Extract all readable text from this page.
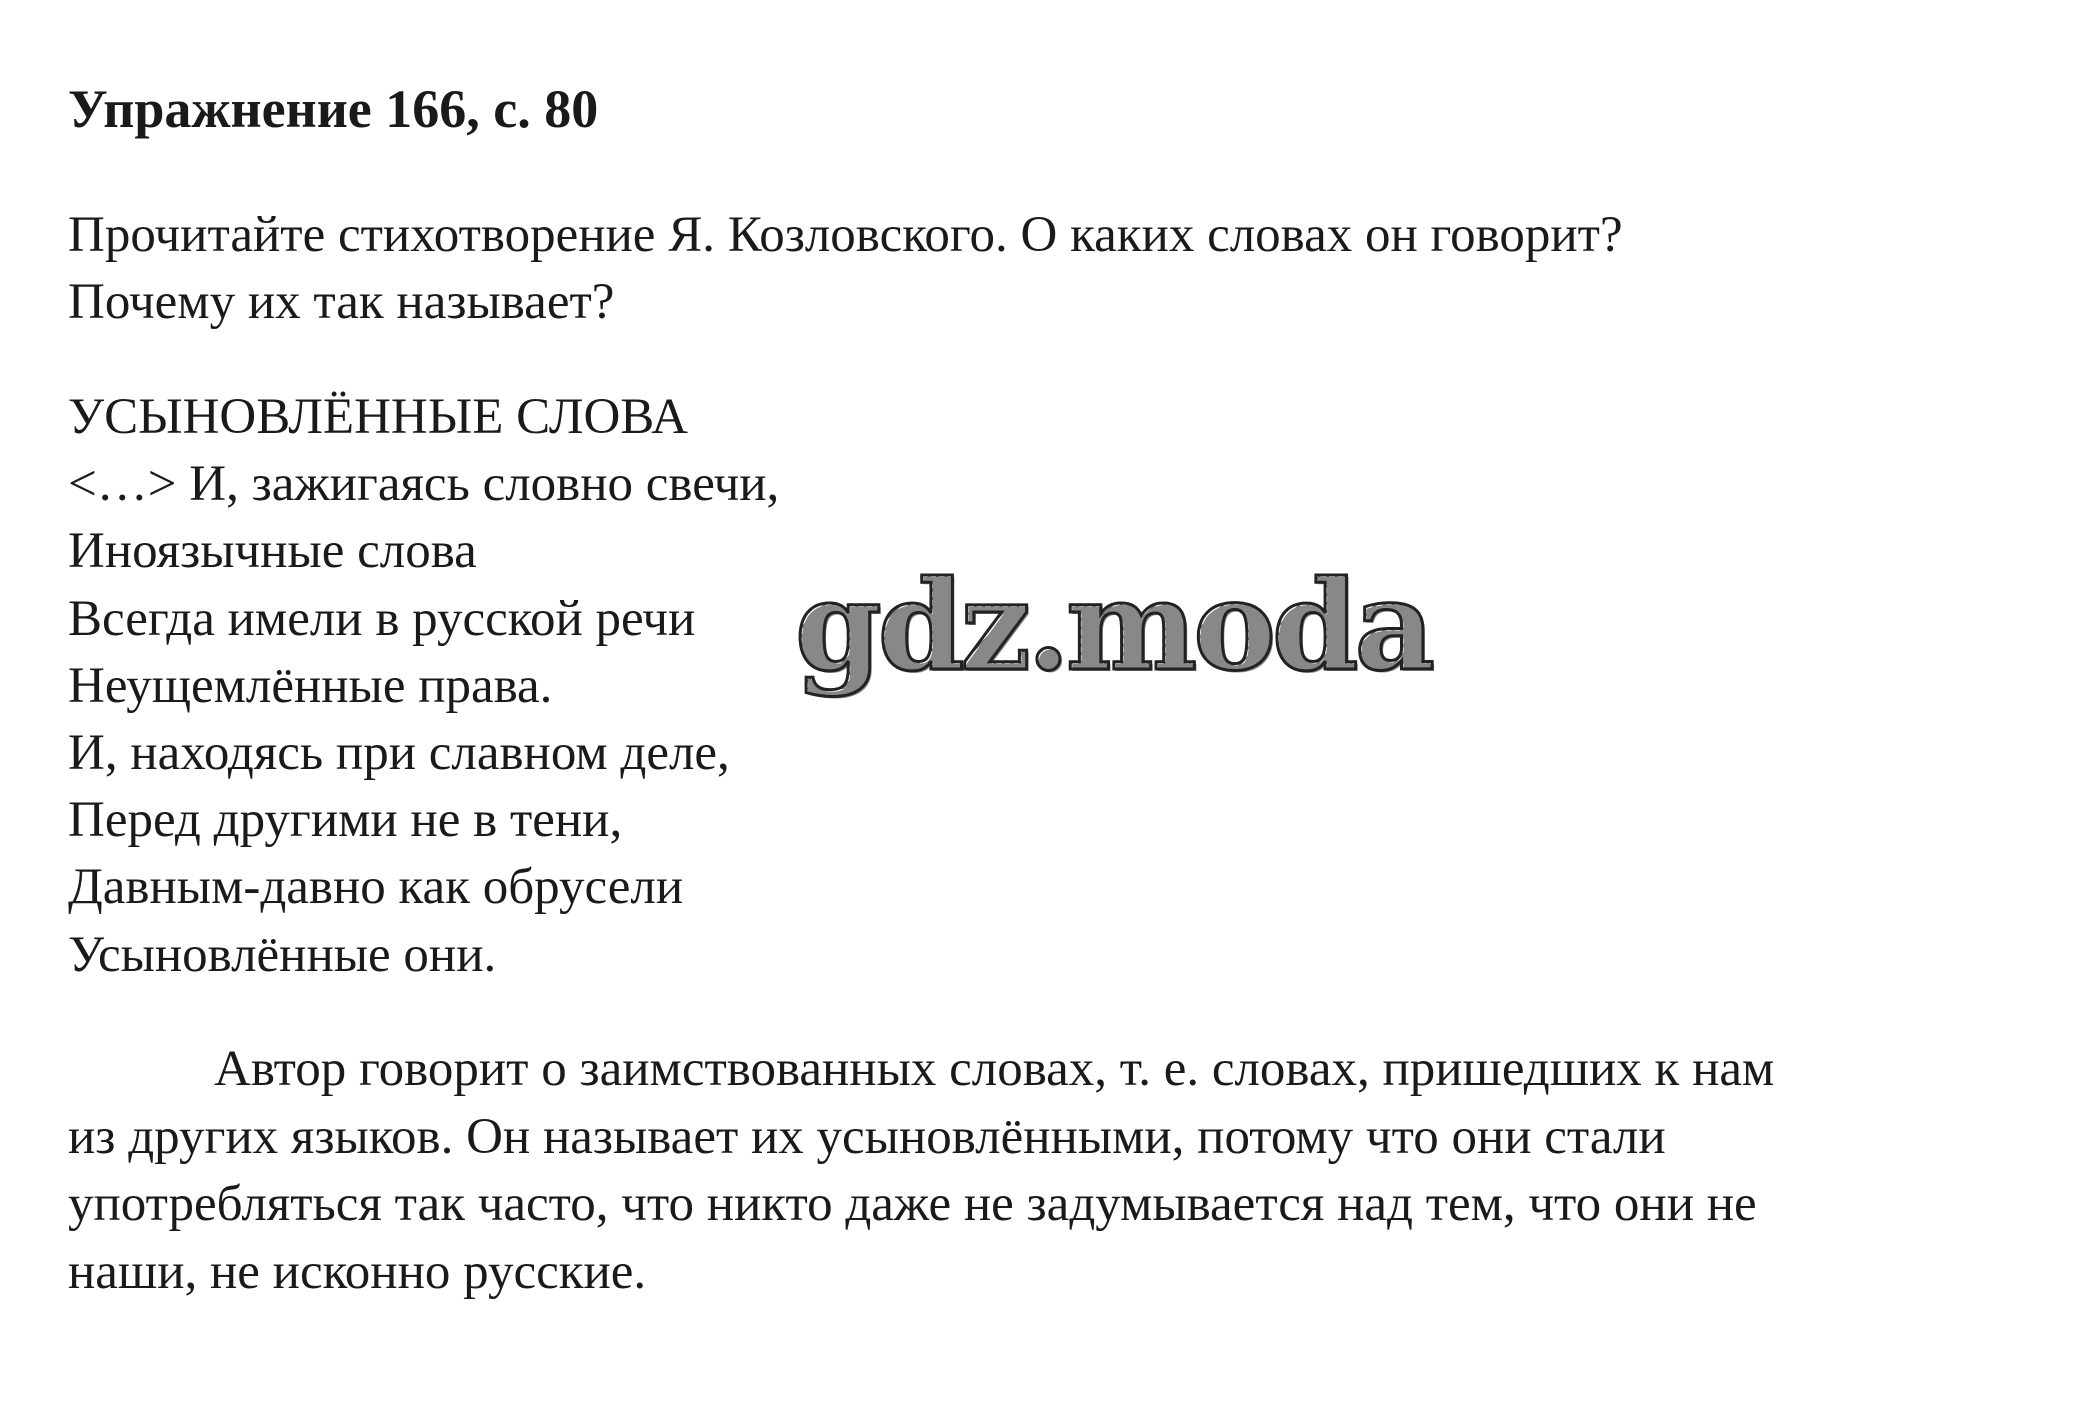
Упражнение 166, с. 80
Прочитайте стихотворение Я. Козловского. О каких словах он говорит?
Почему их так называет?
УСЫНОВЛЁННЫЕ СЛОВА
<…> И, зажигаясь словно свечи,
Иноязычные слова
Всегда имели в русской речи
Неущемлённые права.
И, находясь при славном деле,
Перед другими не в тени,
Давным-давно как обрусели
Усыновлённые они.
Автор говорит о заимствованных словах, т. е. словах, пришедших к нам
из других языков. Он называет их усыновлёнными, потому что они стали
употребляться так часто, что никто даже не задумывается над тем, что они не
наши, не исконно русские.
gdz.moda
